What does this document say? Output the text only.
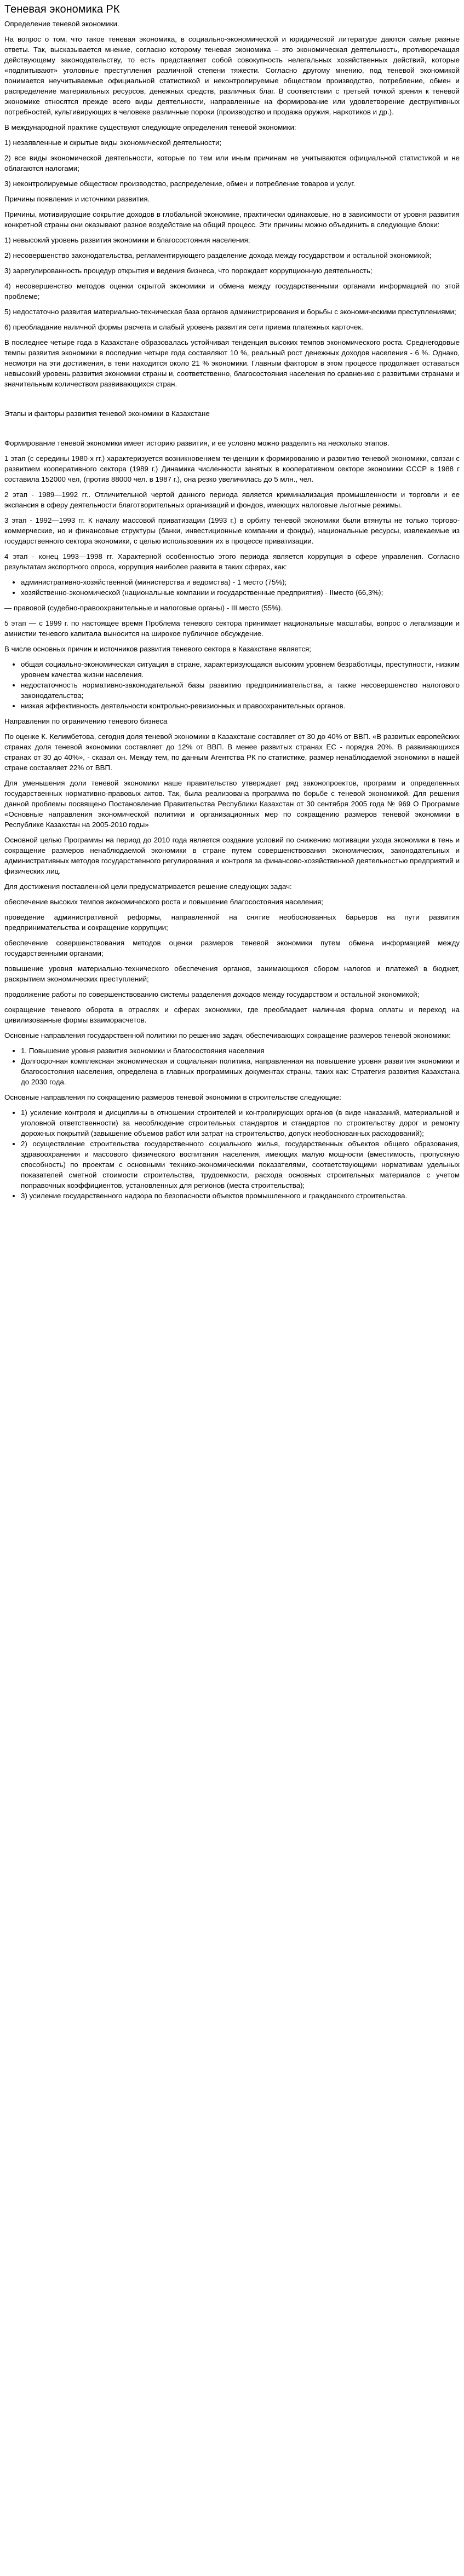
Теневая экономика РК

Определение теневой экономики.

На вопрос о том, что такое теневая экономика, в социально-экономической и юридической литературе даются самые разные ответы. Так, высказывается мнение, согласно которому теневая экономика – это экономическая деятельность, противоречащая действующему законодательству, то есть представляет собой совокупность нелегальных хозяйственных действий, которые «подпитывают» уголовные преступления различной степени тяжести. Согласно другому мнению, под теневой экономикой понимается неучитываемые официальной статистикой и неконтролируемые обществом производство, потребление, обмен и распределение материальных ресурсов, денежных средств, различных благ. В соответствии с третьей точкой зрения к теневой экономике относятся прежде всего виды деятельности, направленные на формирование или удовлетворение деструктивных потребностей, культивирующих в человеке различные пороки (производство и продажа оружия, наркотиков и др.).

В международной практике существуют следующие определения теневой экономики:

1) незаявленные и скрытые виды экономической деятельности;

2) все виды экономической деятельности, которые по тем или иным причинам не учитываются официальной статистикой и не облагаются налогами;

3) неконтролируемые обществом производство, распределение, обмен и потребление товаров и услуг.

Причины появления и источники развития.

Причины, мотивирующие сокрытие доходов в глобальной экономике, практически одинаковые, но в зависимости от уровня развития конкретной страны они оказывают разное воздействие на общий процесс. Эти причины можно объединить в следующие блоки:

1) невысокий уровень развития экономики и благосостояния населения;

2) несовершенство законодательства, регламентирующего разделение дохода между государством и остальной экономикой;

3) зарегулированность процедур открытия и ведения бизнеса, что порождает коррупционную деятельность;

4) несовершенство методов оценки скрытой экономики и обмена между государственными органами информацией по этой проблеме;

5) недостаточно развитая материально-техническая база органов администрирования и борьбы с экономическими преступлениями;

6) преобладание наличной формы расчета и слабый уровень развития сети приема платежных карточек.

В последнее четыре года в Казахстане образовалась устойчивая тенденция высоких темпов экономического роста. Среднегодовые темпы развития экономики в последние четыре года составляют 10 %, реальный рост денежных доходов населения - 6 %. Однако, несмотря на эти достижения, в тени находится около 21 % экономики. Главным фактором в этом процессе продолжает оставаться невысокий уровень развития экономики страны и, соответственно, благосостояния населения по сравнению с развитыми странами и значительным количеством развивающихся стран.

Этапы и факторы развития теневой экономики в Казахстане

Формирование теневой экономики имеет историю развития, и ее условно можно разделить на несколько этапов.

1 этап (с середины 1980-х гг.) характеризуется возникновением тенденции к формированию и развитию теневой экономики, связан с развитием кооперативного сектора (1989 г.) Динамика численности занятых в кооперативном секторе экономики СССР в 1988 г составила 152000 чел, (против 88000 чел. в 1987 г.), она резко увеличилась до 5 млн., чел.

2 этап - 1989—1992 гг.. Отличительной чертой данного периода является криминализация промышленности и торговли и ее экспансия в сферу деятельности благотворительных организаций и фондов, имеющих налоговые льготные режимы.

3 этап - 1992—1993 гг. К началу массовой приватизации (1993 г.) в орбиту теневой экономики были втянуты не только торгово-коммерческие, но и финансовые структуры (банки, инвестиционные компании и фонды), национальные ресурсы, извлекаемые из государственного сектора экономики, с целью использования их в процессе приватизации.

4 этап - конец 1993—1998 гг. Характерной особенностью этого периода является коррупция в сфере управления. Согласно результатам экспортного опроса, коррупция наиболее развита в таких сферах, как:

• административно-хозяйственной (министерства и ведомства) - 1 место (75%);
• хозяйственно-экономической (национальные компании и государственные предприятия) - IIместо (66,3%);

— правовой (судебно-правоохранительные и налоговые органы) - III место (55%).

5 этап — с 1999 г. по настоящее время Проблема теневого сектора принимает национальные масштабы, вопрос о легализации и амнистии теневого капитала выносится на широкое публичное обсуждение.

В числе основных причин и источников развития теневого сектора в Казахстане является;

• общая социально-экономическая ситуация в стране, характеризующаяся высоким уровнем безработицы, преступности, низким уровнем качества жизни населения.
• недостаточность нормативно-законодательной базы развитию предпринимательства, а также несовершенство налогового законодательства;
• низкая эффективность деятельности контрольно-ревизионных и правоохранительных органов.

Направления по ограничению теневого бизнеса

По оценке К. Келимбетова, сегодня доля теневой экономики в Казахстане составляет от 30 до 40% от ВВП. «В развитых европейских странах доля теневой экономики составляет до 12% от ВВП. В менее развитых странах ЕС - порядка 20%. В развивающихся странах от 30 до 40%», - сказал он. Между тем, по данным Агентства РК по статистике, размер ненаблюдаемой экономики в нашей стране составляет 22% от ВВП.

Для уменьшения доли теневой экономики наше правительство утверждает ряд законопроектов, программ и определенных государственных нормативно-правовых актов. Так, была реализована программа по борьбе с теневой экономикой. Для решения данной проблемы посвящено Постановление Правительства Республики Казахстан от 30 сентября 2005 года № 969 О Программе «Основные направления экономической политики и организационных мер по сокращению размеров теневой экономики в Республике Казахстан на 2005-2010 годы»

Основной целью Программы на период до 2010 года является создание условий по снижению мотивации ухода экономики в тень и сокращение размеров ненаблюдаемой экономики в стране путем совершенствования экономических, законодательных и административных методов государственного регулирования и контроля за финансово-хозяйственной деятельностью предприятий и физических лиц.

Для достижения поставленной цели предусматривается решение следующих задач:

обеспечение высоких темпов экономического роста и повышение благосостояния населения;

проведение административной реформы, направленной на снятие необоснованных барьеров на пути развития предпринимательства и сокращение коррупции;

обеспечение совершенствования методов оценки размеров теневой экономики путем обмена информацией между государственными органами;

повышение уровня материально-технического обеспечения органов, занимающихся сбором налогов и платежей в бюджет, раскрытием экономических преступлений;

продолжение работы по совершенствованию системы разделения доходов между государством и остальной экономикой;

сокращение теневого оборота в отраслях и сферах экономики, где преобладает наличная форма оплаты и переход на цивилизованные формы взаиморасчетов.

Основные направления государственной политики по решению задач, обеспечивающих сокращение размеров теневой экономики:

• 1. Повышение уровня развития экономики и благосостояния населения
• Долгосрочная комплексная экономическая и социальная политика, направленная на повышение уровня развития экономики и благосостояния населения, определена в главных программных документах страны, таких как: Стратегия развития Казахстана до 2030 года.

Основные направления по сокращению размеров теневой экономики в строительстве следующие:

• 1) усиление контроля и дисциплины в отношении строителей и контролирующих органов (в виде наказаний, материальной и уголовной ответственности) за несоблюдение строительных стандартов и стандартов по строительству дорог и ремонту дорожных покрытий (завышение объемов работ или затрат на строительство, допуск необоснованных расходований);
• 2) осуществление строительства государственного социального жилья, государственных объектов общего образования, здравоохранения и массового физического воспитания населения, имеющих малую мощности (вместимость, пропускную способность) по проектам с основными технико-экономическими показателями, соответствующими нормативам удельных показателей сметной стоимости строительства, трудоемкости, расхода основных строительных материалов с учетом поправочных коэффициентов, установленных для регионов (места строительства);
• 3) усиление государственного надзора по безопасности объектов промышленного и гражданского строительства.
